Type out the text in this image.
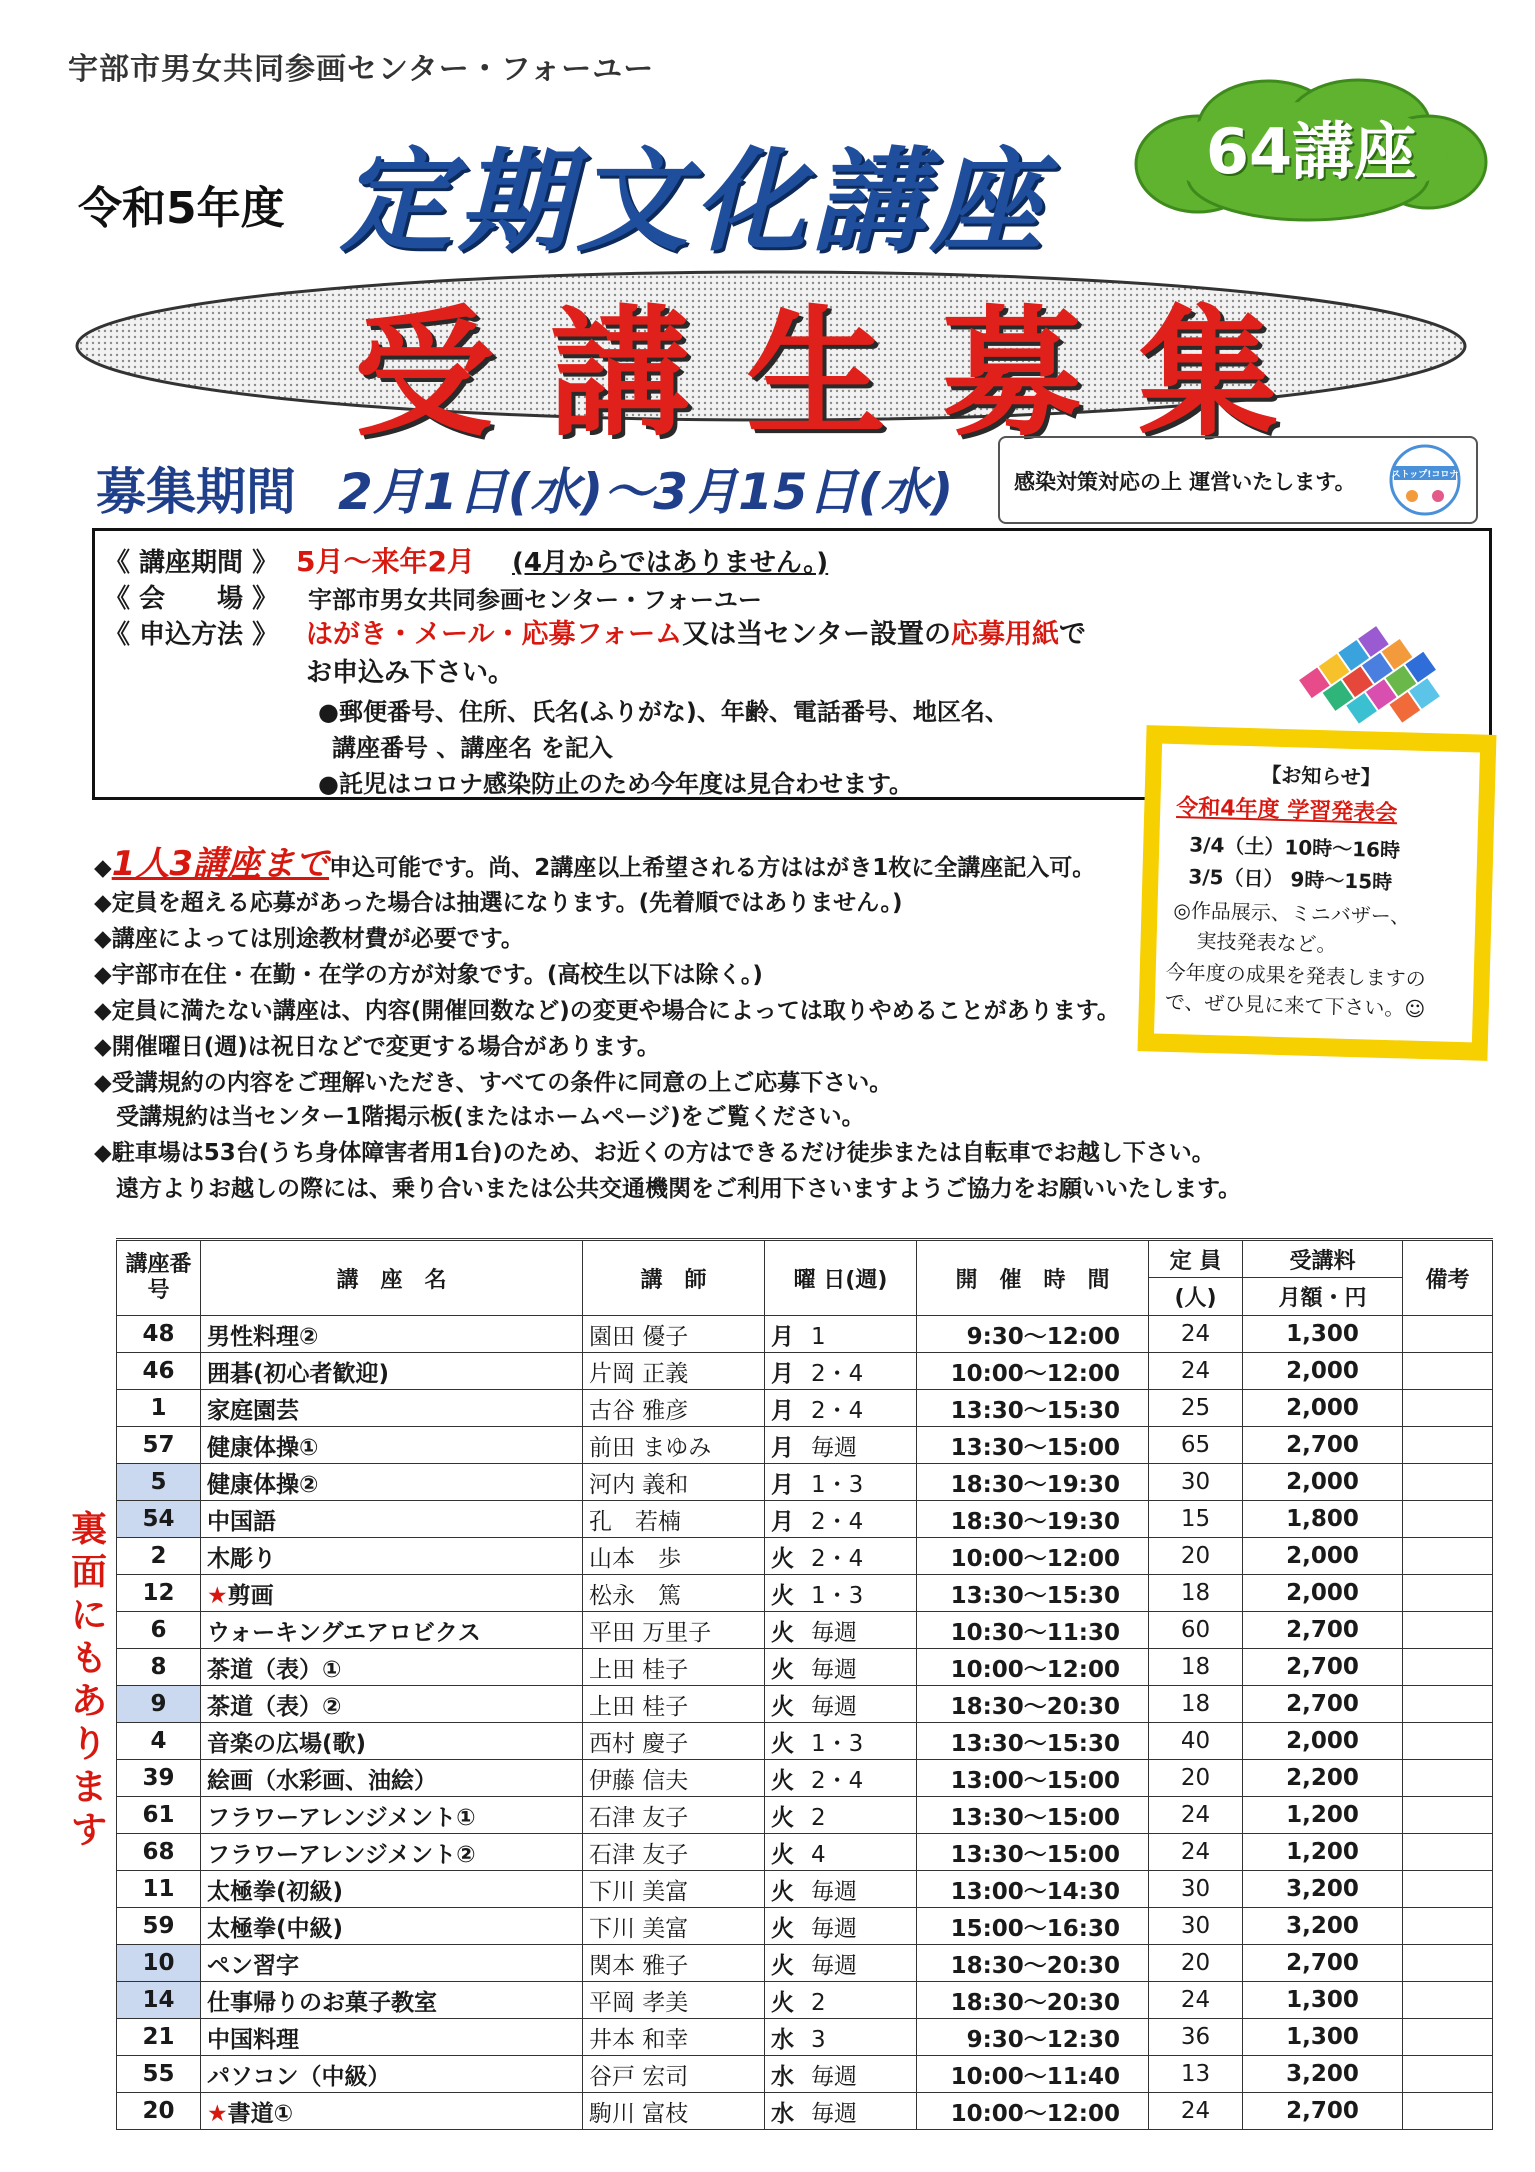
宇部市男女共同参画センター・フォーユー
令和5年度 定期文化講座	64講座
受講生募集
募集期間 2月1日(水)～3月15日(水)	感染対策対応の上 運営いたします。	ストップ!コロナ
《 講座期間 》 5月～来年2月 (4月からではありません。)
《 会　　場 》 宇部市男女共同参画センター・フォーユー
《 申込方法 》 はがき・メール・応募フォーム又は当センター設置の応募用紙で
お申込み下さい。
●郵便番号、住所、氏名(ふりがな)、年齢、電話番号、地区名、
講座番号 、講座名 を記入
●託児はコロナ感染防止のため今年度は見合わせます。	【お知らせ】
令和4年度 学習発表会
3/4（土）10時～16時
3/5（日） 9時～15時
◎作品展示、ミニバザー、
実技発表など。
今年度の成果を発表しますの
で、ぜひ見に来て下さい。☺
◆1人3講座まで申込可能です。尚、2講座以上希望される方ははがき1枚に全講座記入可。
◆定員を超える応募があった場合は抽選になります。(先着順ではありません。)
◆講座によっては別途教材費が必要です。
◆宇部市在住・在勤・在学の方が対象です。(高校生以下は除く。)
◆定員に満たない講座は、内容(開催回数など)の変更や場合によっては取りやめることがあります。
◆開催曜日(週)は祝日などで変更する場合があります。
◆受講規約の内容をご理解いただき、すべての条件に同意の上ご応募下さい。
受講規約は当センター1階掲示板(またはホームページ)をご覧ください。
◆駐車場は53台(うち身体障害者用1台)のため、お近くの方はできるだけ徒歩または自転車でお越し下さい。
遠方よりお越しの際には、乗り合いまたは公共交通機関をご利用下さいますようご協力をお願いいたします。
裏面にもあります
講座番号	講　座　名	講　師	曜 日(週)	開　催　時　間	定 員	受講料	備考
					(人)	月額・円	
48	男性料理②	園田 優子	月 1	9:30～12:00	24	1,300	
46	囲碁(初心者歓迎)	片岡 正義	月 2・4	10:00～12:00	24	2,000	
1	家庭園芸	古谷 雅彦	月 2・4	13:30～15:30	25	2,000	
57	健康体操①	前田 まゆみ	月 毎週	13:30～15:00	65	2,700	
5	健康体操②	河内 義和	月 1・3	18:30～19:30	30	2,000	
54	中国語	孔　若楠	月 2・4	18:30～19:30	15	1,800	
2	木彫り	山本　歩	火 2・4	10:00～12:00	20	2,000	
12	★剪画	松永　篤	火 1・3	13:30～15:30	18	2,000	
6	ウォーキングエアロビクス	平田 万里子	火 毎週	10:30～11:30	60	2,700	
8	茶道（表）①	上田 桂子	火 毎週	10:00～12:00	18	2,700	
9	茶道（表）②	上田 桂子	火 毎週	18:30～20:30	18	2,700	
4	音楽の広場(歌)	西村 慶子	火 1・3	13:30～15:30	40	2,000	
39	絵画（水彩画、油絵）	伊藤 信夫	火 2・4	13:00～15:00	20	2,200	
61	フラワーアレンジメント①	石津 友子	火 2	13:30～15:00	24	1,200	
68	フラワーアレンジメント②	石津 友子	火 4	13:30～15:00	24	1,200	
11	太極拳(初級)	下川 美富	火 毎週	13:00～14:30	30	3,200	
59	太極拳(中級)	下川 美富	火 毎週	15:00～16:30	30	3,200	
10	ペン習字	関本 雅子	火 毎週	18:30～20:30	20	2,700	
14	仕事帰りのお菓子教室	平岡 孝美	火 2	18:30～20:30	24	1,300	
21	中国料理	井本 和幸	水 3	9:30～12:30	36	1,300	
55	パソコン（中級）	谷戸 宏司	水 毎週	10:00～11:40	13	3,200	
20	★書道①	駒川 富枝	水 毎週	10:00～12:00	24	2,700	
